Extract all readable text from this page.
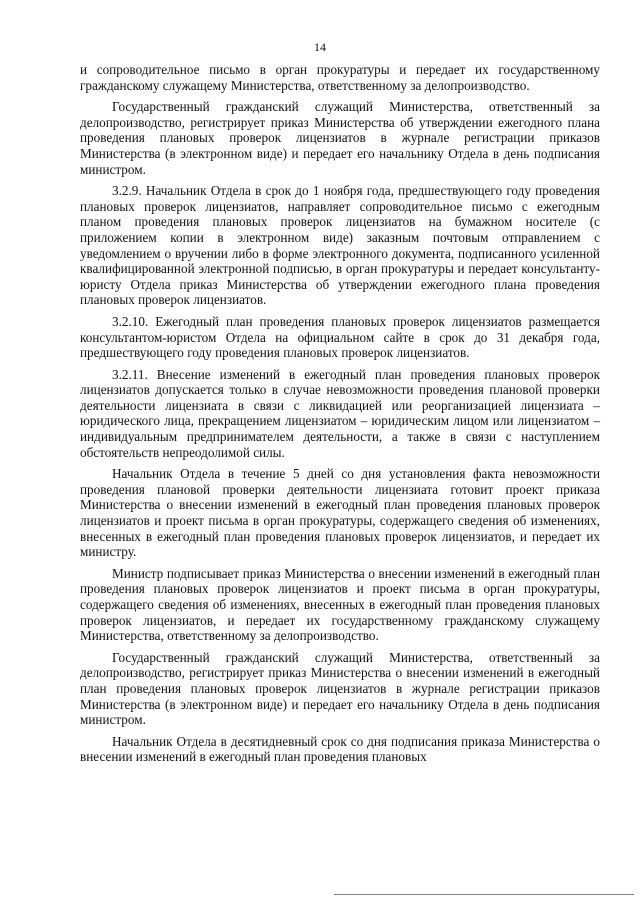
14

и сопроводительное письмо в орган прокуратуры и передает их государственному гражданскому служащему Министерства, ответственному за делопроизводство.

Государственный гражданский служащий Министерства, ответственный за делопроизводство, регистрирует приказ Министерства об утверждении ежегодного плана проведения плановых проверок лицензиатов в журнале регистрации приказов Министерства (в электронном виде) и передает его начальнику Отдела в день подписания министром.

3.2.9. Начальник Отдела в срок до 1 ноября года, предшествующего году проведения плановых проверок лицензиатов, направляет сопроводительное письмо с ежегодным планом проведения плановых проверок лицензиатов на бумажном носителе (с приложением копии в электронном виде) заказным почтовым отправлением с уведомлением о вручении либо в форме электронного документа, подписанного усиленной квалифицированной электронной подписью, в орган прокуратуры и передает консультанту-юристу Отдела приказ Министерства об утверждении ежегодного плана проведения плановых проверок лицензиатов.

3.2.10. Ежегодный план проведения плановых проверок лицензиатов размещается консультантом-юристом Отдела на официальном сайте в срок до 31 декабря года, предшествующего году проведения плановых проверок лицензиатов.

3.2.11. Внесение изменений в ежегодный план проведения плановых проверок лицензиатов допускается только в случае невозможности проведения плановой проверки деятельности лицензиата в связи с ликвидацией или реорганизацией лицензиата – юридического лица, прекращением лицензиатом – юридическим лицом или лицензиатом – индивидуальным предпринимателем деятельности, а также в связи с наступлением обстоятельств непреодолимой силы.

Начальник Отдела в течение 5 дней со дня установления факта невозможности проведения плановой проверки деятельности лицензиата готовит проект приказа Министерства о внесении изменений в ежегодный план проведения плановых проверок лицензиатов и проект письма в орган прокуратуры, содержащего сведения об изменениях, внесенных в ежегодный план проведения плановых проверок лицензиатов, и передает их министру.

Министр подписывает приказ Министерства о внесении изменений в ежегодный план проведения плановых проверок лицензиатов и проект письма в орган прокуратуры, содержащего сведения об изменениях, внесенных в ежегодный план проведения плановых проверок лицензиатов, и передает их государственному гражданскому служащему Министерства, ответственному за делопроизводство.

Государственный гражданский служащий Министерства, ответственный за делопроизводство, регистрирует приказ Министерства о внесении изменений в ежегодный план проведения плановых проверок лицензиатов в журнале регистрации приказов Министерства (в электронном виде) и передает его начальнику Отдела в день подписания министром.

Начальник Отдела в десятидневный срок со дня подписания приказа Министерства о внесении изменений в ежегодный план проведения плановых
